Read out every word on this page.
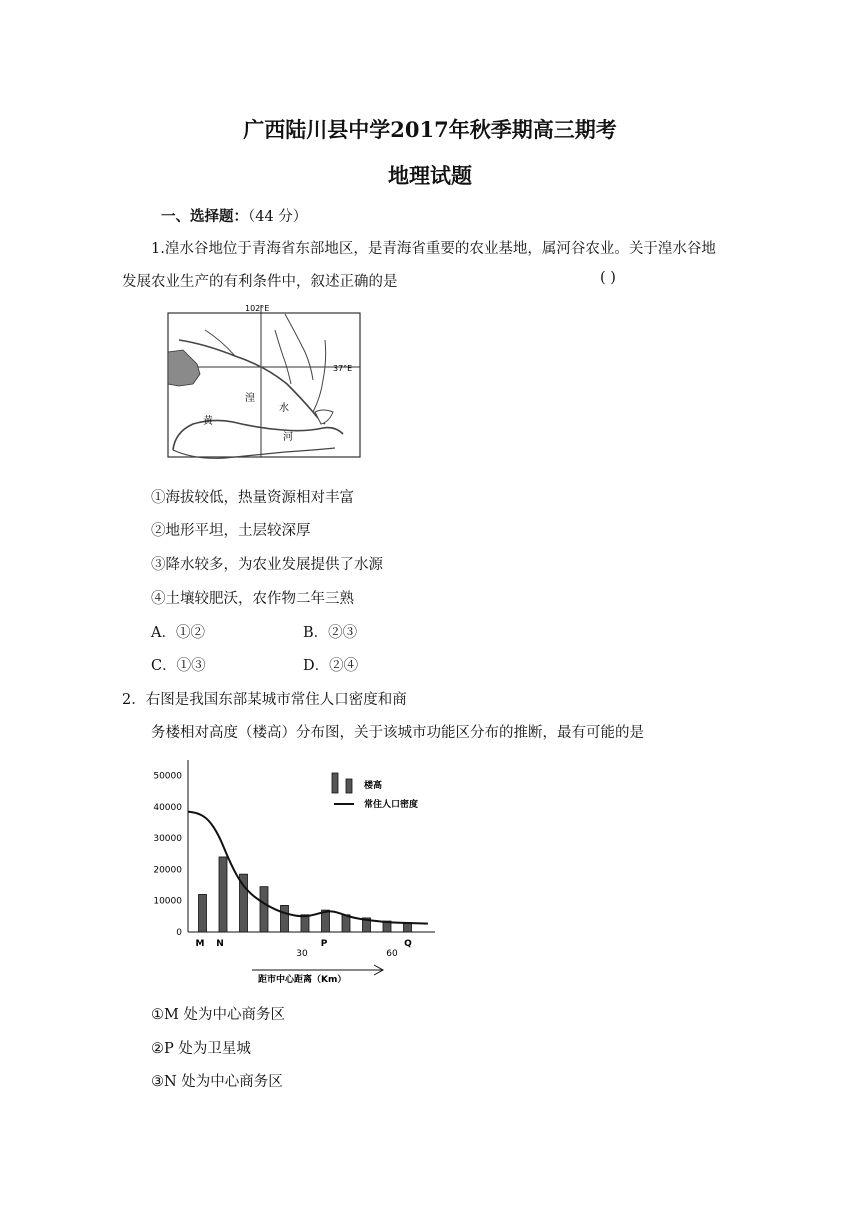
广西陆川县中学2017年秋季期高三期考
地理试题
一、选择题：（44 分）
1.湟水谷地位于青海省东部地区，是青海省重要的农业基地，属河谷农业。关于湟水谷地
发展农业生产的有利条件中，叙述正确的是	( )
102°E
37°E
湟
水
黄
河
①海拔较低，热量资源相对丰富
②地形平坦，土层较深厚
③降水较多，为农业发展提供了水源
④土壤较肥沃，农作物二年三熟
A．①②	B．②③
C．①③	D．②④
2．右图是我国东部某城市常住人口密度和商
务楼相对高度（楼高）分布图，关于该城市功能区分布的推断，最有可能的是
0
10000
20000
30000
40000
50000
M N
30
P
60
Q
距市中心距离（Km）
楼高
常住人口密度
①M 处为中心商务区
②P 处为卫星城
③N 处为中心商务区
